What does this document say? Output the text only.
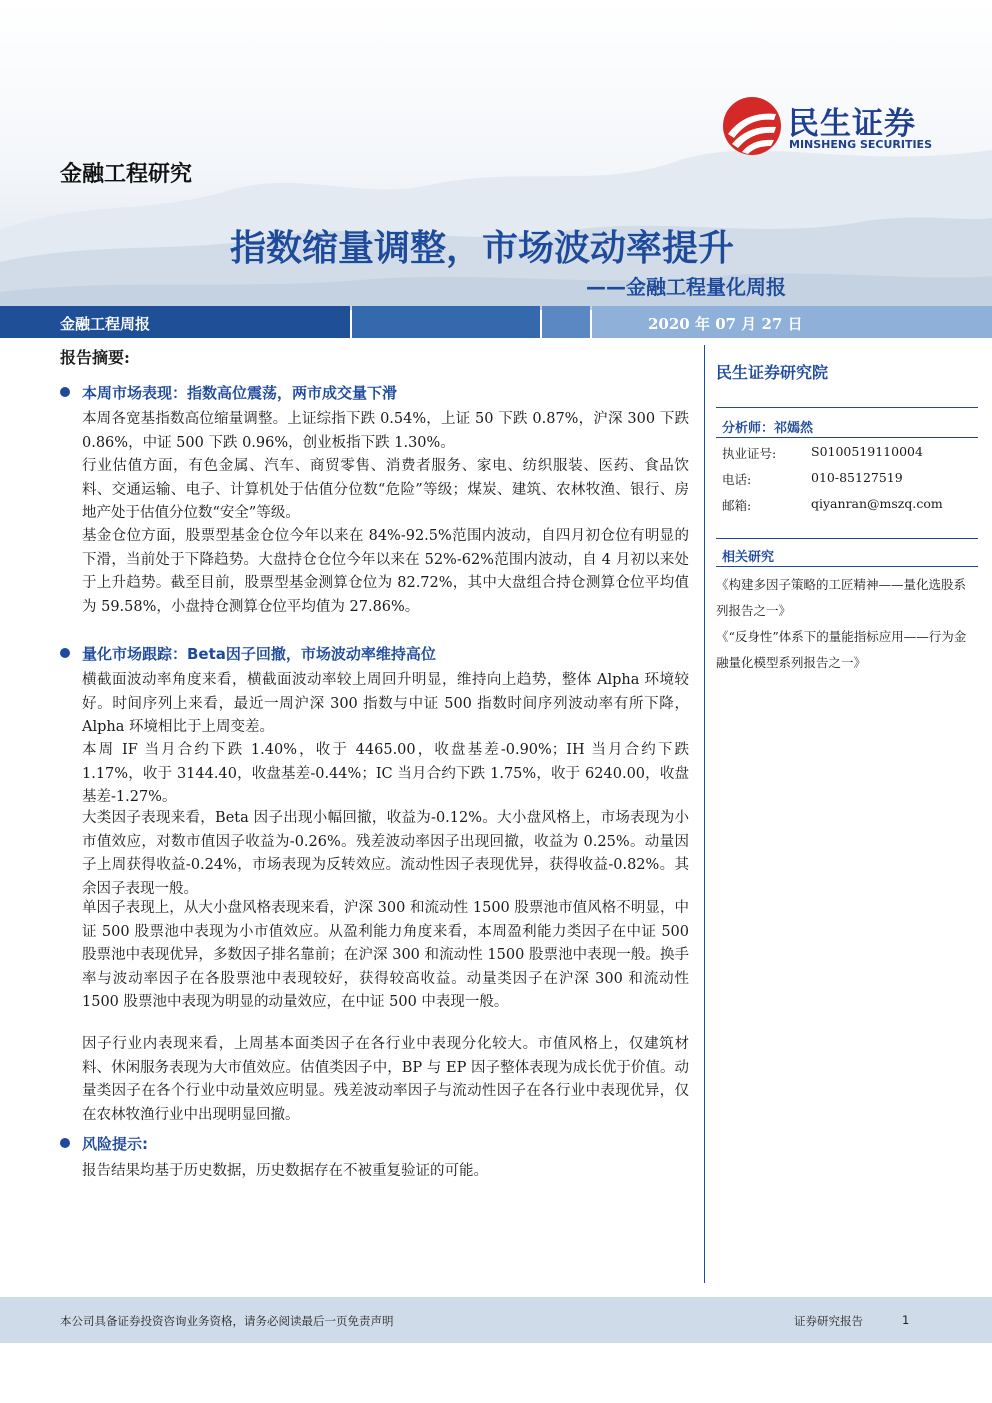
民生证券
MINSHENG SECURITIES
金融工程研究
指数缩量调整，市场波动率提升
——金融工程量化周报
金融工程周报	2020 年 07 月 27 日
报告摘要:
本周市场表现：指数高位震荡，两市成交量下滑

本周各宽基指数高位缩量调整。上证综指下跌 0.54%，上证 50 下跌 0.87%，沪深 300 下跌 0.86%，中证 500 下跌 0.96%，创业板指下跌 1.30%。

行业估值方面，有色金属、汽车、商贸零售、消费者服务、家电、纺织服装、医药、食品饮料、交通运输、电子、计算机处于估值分位数“危险”等级；煤炭、建筑、农林牧渔、银行、房地产处于估值分位数“安全”等级。

基金仓位方面，股票型基金仓位今年以来在 84%-92.5%范围内波动，自四月初仓位有明显的下滑，当前处于下降趋势。大盘持仓仓位今年以来在 52%-62%范围内波动，自 4 月初以来处于上升趋势。截至目前，股票型基金测算仓位为 82.72%，其中大盘组合持仓测算仓位平均值为 59.58%，小盘持仓测算仓位平均值为 27.86%。

量化市场跟踪：Beta因子回撤，市场波动率维持高位

横截面波动率角度来看，横截面波动率较上周回升明显，维持向上趋势，整体 Alpha 环境较好。时间序列上来看，最近一周沪深 300 指数与中证 500 指数时间序列波动率有所下降，Alpha 环境相比于上周变差。

本周 IF 当月合约下跌 1.40%，收于 4465.00，收盘基差-0.90%；IH 当月合约下跌 1.17%，收于 3144.40，收盘基差-0.44%；IC 当月合约下跌 1.75%，收于 6240.00，收盘基差-1.27%。

大类因子表现来看，Beta 因子出现小幅回撤，收益为-0.12%。大小盘风格上，市场表现为小市值效应，对数市值因子收益为-0.26%。残差波动率因子出现回撤，收益为 0.25%。动量因子上周获得收益-0.24%，市场表现为反转效应。流动性因子表现优异，获得收益-0.82%。其余因子表现一般。

单因子表现上，从大小盘风格表现来看，沪深 300 和流动性 1500 股票池市值风格不明显，中证 500 股票池中表现为小市值效应。从盈利能力角度来看，本周盈利能力类因子在中证 500 股票池中表现优异，多数因子排名靠前；在沪深 300 和流动性 1500 股票池中表现一般。换手率与波动率因子在各股票池中表现较好，获得较高收益。动量类因子在沪深 300 和流动性 1500 股票池中表现为明显的动量效应，在中证 500 中表现一般。

因子行业内表现来看，上周基本面类因子在各行业中表现分化较大。市值风格上，仅建筑材料、休闲服务表现为大市值效应。估值类因子中，BP 与 EP 因子整体表现为成长优于价值。动量类因子在各个行业中动量效应明显。残差波动率因子与流动性因子在各行业中表现优异，仅在农林牧渔行业中出现明显回撤。

风险提示:

报告结果均基于历史数据，历史数据存在不被重复验证的可能。

民生证券研究院
分析师：祁嫣然
执业证号:	S0100519110004
电话:	010-85127519
邮箱:	qiyanran@mszq.com
相关研究

《构建多因子策略的工匠精神——量化选股系列报告之一》

《“反身性”体系下的量能指标应用——行为金融量化模型系列报告之一》

本公司具备证券投资咨询业务资格，请务必阅读最后一页免责声明	证券研究报告	1
